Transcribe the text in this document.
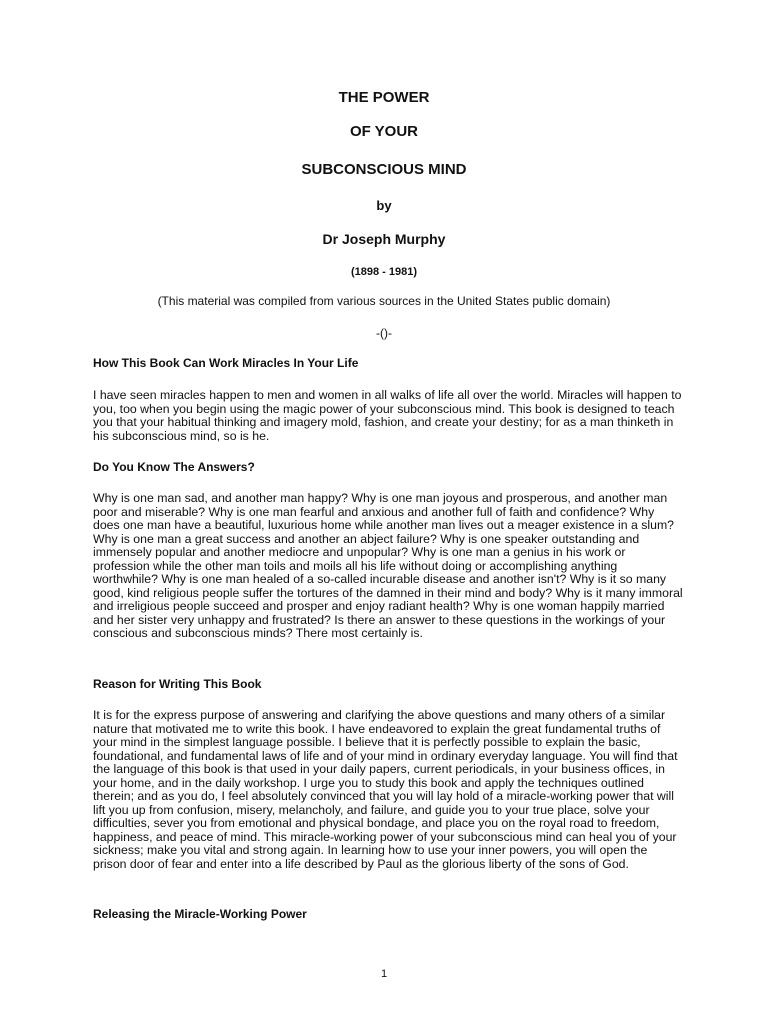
THE POWER
OF YOUR
SUBCONSCIOUS MIND
by
Dr Joseph Murphy
(1898 - 1981)
(This material was compiled from various sources in the United States public domain)
-()-
How This Book Can Work Miracles In Your Life
I have seen miracles happen to men and women in all walks of life all over the world. Miracles will happen to you, too when you begin using the magic power of your subconscious mind. This book is designed to teach you that your habitual thinking and imagery mold, fashion, and create your destiny; for as a man thinketh in his subconscious mind, so is he.
Do You Know The Answers?
Why is one man sad, and another man happy? Why is one man joyous and prosperous, and another man poor and miserable? Why is one man fearful and anxious and another full of faith and confidence? Why does one man have a beautiful, luxurious home while another man lives out a meager existence in a slum? Why is one man a great success and another an abject failure? Why is one speaker outstanding and immensely popular and another mediocre and unpopular? Why is one man a genius in his work or profession while the other man toils and moils all his life without doing or accomplishing anything worthwhile? Why is one man healed of a so-called incurable disease and another isn't? Why is it so many good, kind religious people suffer the tortures of the damned in their mind and body? Why is it many immoral and irreligious people succeed and prosper and enjoy radiant health? Why is one woman happily married and her sister very unhappy and frustrated? Is there an answer to these questions in the workings of your conscious and subconscious minds? There most certainly is.
Reason for Writing This Book
It is for the express purpose of answering and clarifying the above questions and many others of a similar nature that motivated me to write this book. I have endeavored to explain the great fundamental truths of your mind in the simplest language possible. I believe that it is perfectly possible to explain the basic, foundational, and fundamental laws of life and of your mind in ordinary everyday language. You will find that the language of this book is that used in your daily papers, current periodicals, in your business offices, in your home, and in the daily workshop. I urge you to study this book and apply the techniques outlined therein; and as you do, I feel absolutely convinced that you will lay hold of a miracle-working power that will lift you up from confusion, misery, melancholy, and failure, and guide you to your true place, solve your difficulties, sever you from emotional and physical bondage, and place you on the royal road to freedom, happiness, and peace of mind. This miracle-working power of your subconscious mind can heal you of your sickness; make you vital and strong again. In learning how to use your inner powers, you will open the prison door of fear and enter into a life described by Paul as the glorious liberty of the sons of God.
Releasing the Miracle-Working Power
1
